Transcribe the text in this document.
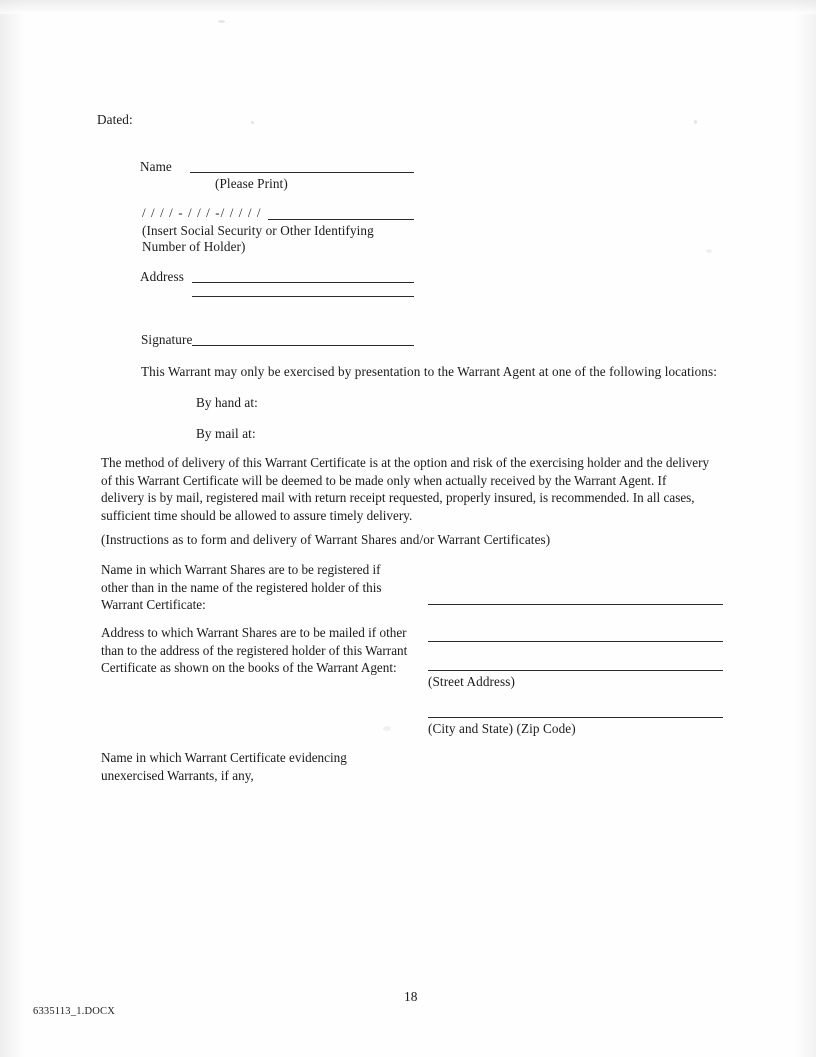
Dated:
Name
(Please Print)
/ / / / - / / / -/ / / / /
(Insert Social Security or Other Identifying
Number of Holder)
Address
Signature
This Warrant may only be exercised by presentation to the Warrant Agent at one of the following locations:
By hand at:
By mail at:
The method of delivery of this Warrant Certificate is at the option and risk of the exercising holder and the delivery
of this Warrant Certificate will be deemed to be made only when actually received by the Warrant Agent. If
delivery is by mail, registered mail with return receipt requested, properly insured, is recommended. In all cases,
sufficient time should be allowed to assure timely delivery.
(Instructions as to form and delivery of Warrant Shares and/or Warrant Certificates)
Name in which Warrant Shares are to be registered if
other than in the name of the registered holder of this
Warrant Certificate:
Address to which Warrant Shares are to be mailed if other
than to the address of the registered holder of this Warrant
Certificate as shown on the books of the Warrant Agent:
(Street Address)
(City and State) (Zip Code)
Name in which Warrant Certificate evidencing
unexercised Warrants, if any,
18
6335113_1.DOCX
